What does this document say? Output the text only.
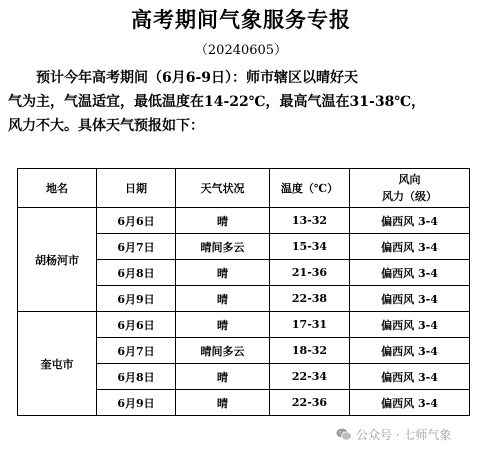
高考期间气象服务专报
（20240605）
预计今年高考期间（6月6-9日）：师市辖区以晴好天
气为主，气温适宜，最低温度在14-22℃，最高气温在31-38℃，
风力不大。具体天气预报如下：
地名	日期	天气状况	温度（℃）	风向
风力（级）

胡杨河市	6月6日	晴	13-32	偏西风 3-4
	6月7日	晴间多云	15-34	偏西风 3-4
	6月8日	晴	21-36	偏西风 3-4
	6月9日	晴	22-38	偏西风 3-4
奎屯市	6月6日	晴	17-31	偏西风 3-4
	6月7日	晴间多云	18-32	偏西风 3-4
	6月8日	晴	22-34	偏西风 3-4
	6月9日	晴	22-36	偏西风 3-4
公众号 · 七师气象
